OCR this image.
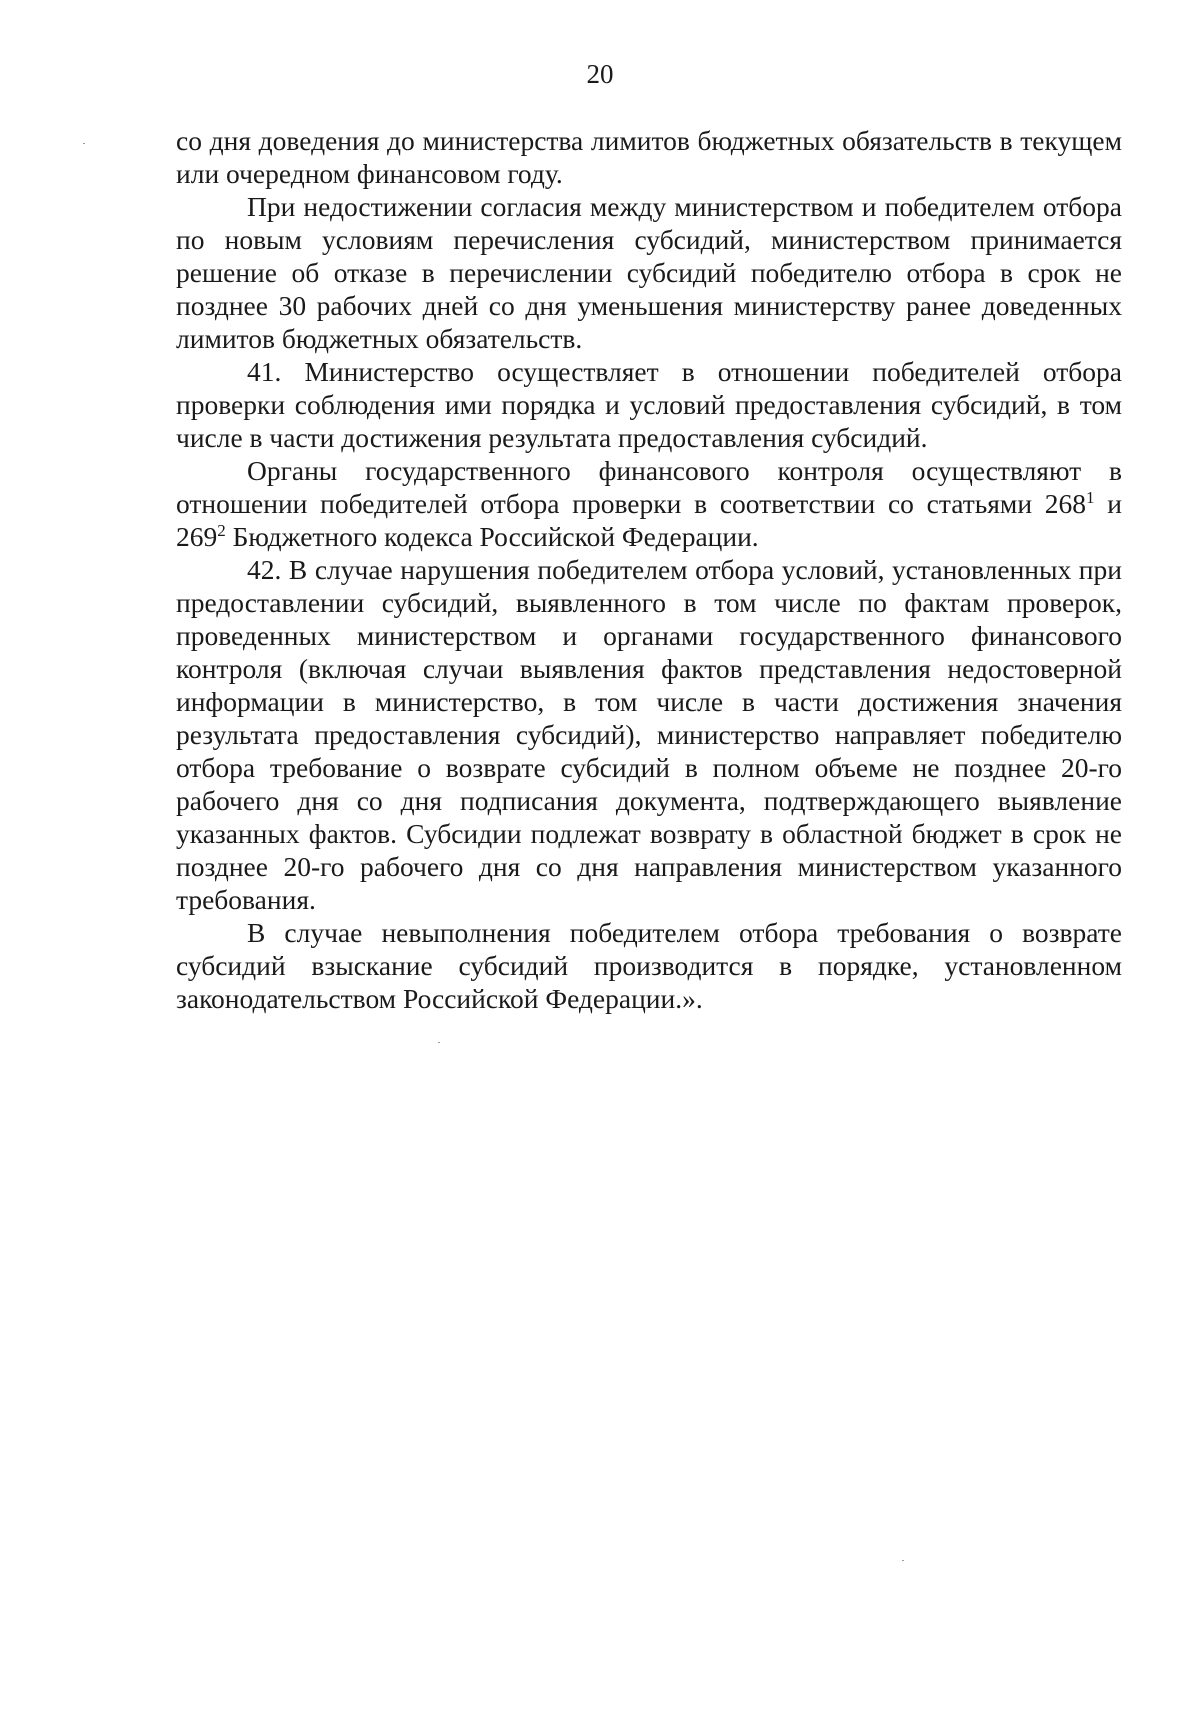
20

со дня доведения до министерства лимитов бюджетных обязательств в текущем или очередном финансовом году.

При недостижении согласия между министерством и победителем отбора по новым условиям перечисления субсидий, министерством принимается решение об отказе в перечислении субсидий победителю отбора в срок не позднее 30 рабочих дней со дня уменьшения министерству ранее доведенных лимитов бюджетных обязательств.

41. Министерство осуществляет в отношении победителей отбора проверки соблюдения ими порядка и условий предоставления субсидий, в том числе в части достижения результата предоставления субсидий.

Органы государственного финансового контроля осуществляют в отношении победителей отбора проверки в соответствии со статьями $268^1$ и $269^2$ Бюджетного кодекса Российской Федерации.

42. В случае нарушения победителем отбора условий, установленных при предоставлении субсидий, выявленного в том числе по фактам проверок, проведенных министерством и органами государственного финансового контроля (включая случаи выявления фактов представления недостоверной информации в министерство, в том числе в части достижения значения результата предоставления субсидий), министерство направляет победителю отбора требование о возврате субсидий в полном объеме не позднее 20-го рабочего дня со дня подписания документа, подтверждающего выявление указанных фактов. Субсидии подлежат возврату в областной бюджет в срок не позднее 20-го рабочего дня со дня направления министерством указанного требования.

В случае невыполнения победителем отбора требования о возврате субсидий взыскание субсидий производится в порядке, установленном законодательством Российской Федерации.».
